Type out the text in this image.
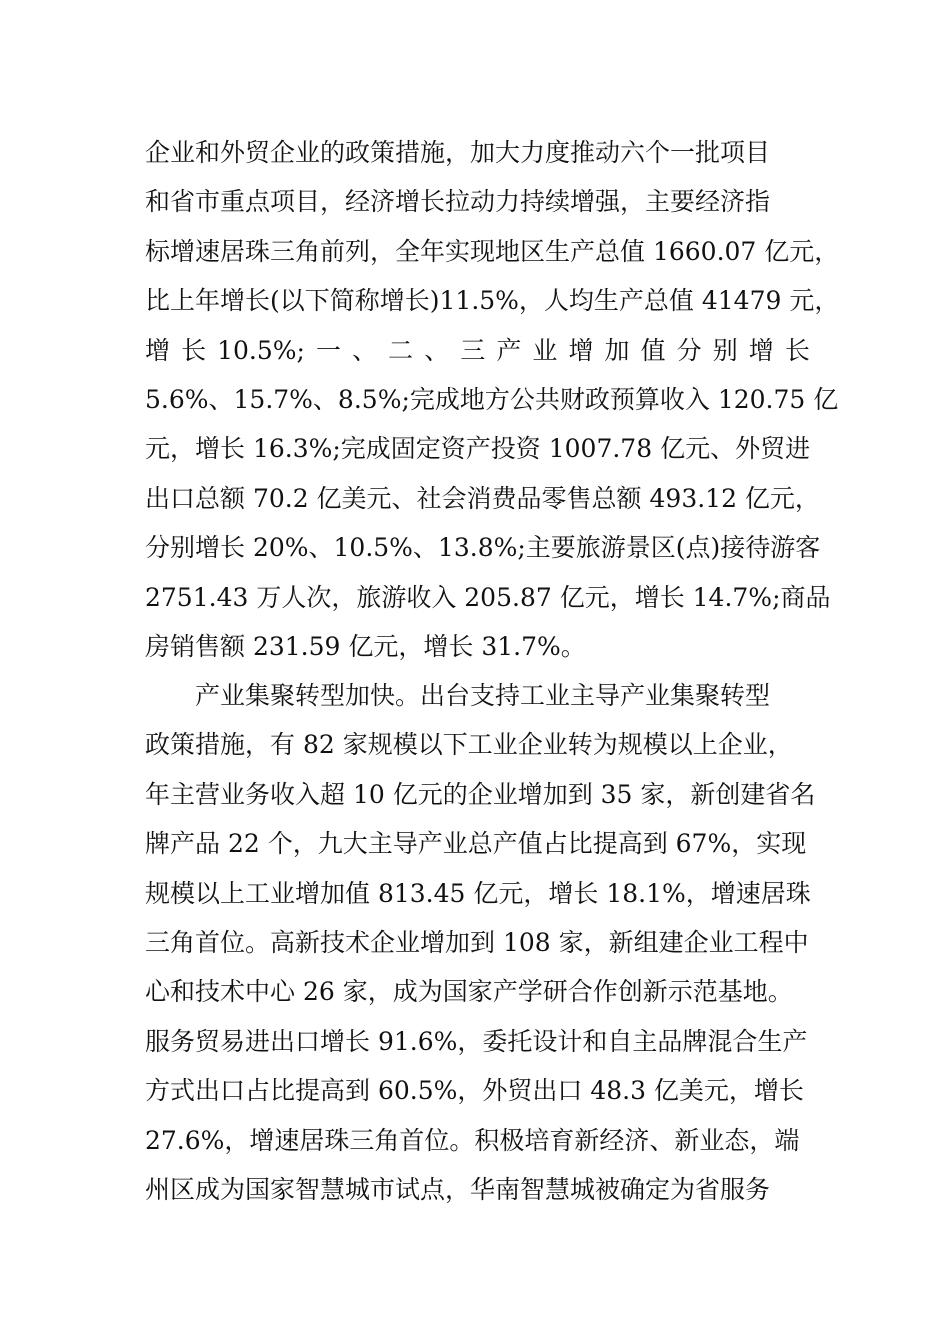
企业和外贸企业的政策措施，加大力度推动六个一批项目
和省市重点项目，经济增长拉动力持续增强，主要经济指
标增速居珠三角前列，全年实现地区生产总值 1660.07 亿元，
比上年增长(以下简称增长)11.5%，人均生产总值 41479 元，
增 长 10.5%; 一 、 二 、 三 产 业 增 加 值 分 别 增 长
5.6%、15.7%、8.5%;完成地方公共财政预算收入 120.75 亿
元，增长 16.3%;完成固定资产投资 1007.78 亿元、外贸进
出口总额 70.2 亿美元、社会消费品零售总额 493.12 亿元，
分别增长 20%、10.5%、13.8%;主要旅游景区(点)接待游客
2751.43 万人次，旅游收入 205.87 亿元，增长 14.7%;商品
房销售额 231.59 亿元，增长 31.7%。
产业集聚转型加快。出台支持工业主导产业集聚转型
政策措施，有 82 家规模以下工业企业转为规模以上企业，
年主营业务收入超 10 亿元的企业增加到 35 家，新创建省名
牌产品 22 个，九大主导产业总产值占比提高到 67%，实现
规模以上工业增加值 813.45 亿元，增长 18.1%，增速居珠
三角首位。高新技术企业增加到 108 家，新组建企业工程中
心和技术中心 26 家，成为国家产学研合作创新示范基地。
服务贸易进出口增长 91.6%，委托设计和自主品牌混合生产
方式出口占比提高到 60.5%，外贸出口 48.3 亿美元，增长
27.6%，增速居珠三角首位。积极培育新经济、新业态，端
州区成为国家智慧城市试点，华南智慧城被确定为省服务
